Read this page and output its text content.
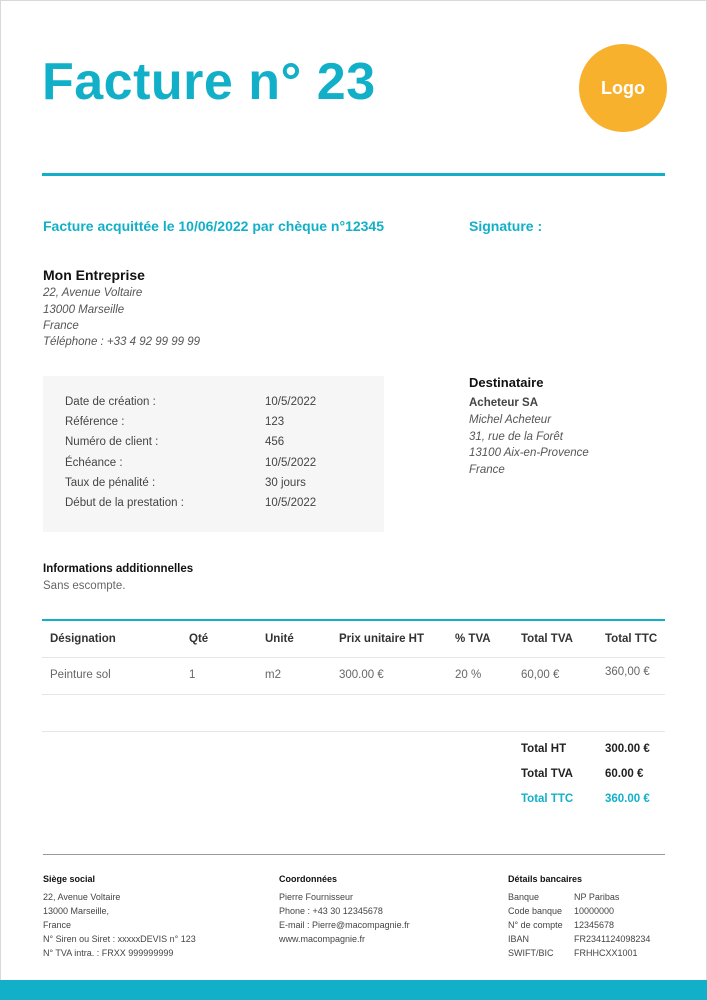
Facture n° 23	Logo
Facture acquittée le 10/06/2022 par chèque n°12345	Signature :
Mon Entreprise
22, Avenue Voltaire
13000 Marseille
France
Téléphone : +33 4 92 99 99 99
Date de création :	10/5/2022
Référence :	123
Numéro de client :	456
Échéance :	10/5/2022
Taux de pénalité :	30 jours
Début de la prestation :	10/5/2022
Destinataire
Acheteur SA
Michel Acheteur
31, rue de la Forêt
13100 Aix-en-Provence
France
Informations additionnelles
Sans escompte.
Désignation	Qté	Unité	Prix unitaire HT	% TVA	Total TVA	Total TTC
Peinture sol	1	m2	300.00 €	20 %	60,00 €	360,00 €
Total HT	300.00 €
Total TVA	60.00 €
Total TTC	360.00 €
Siège social
22, Avenue Voltaire
13000 Marseille,
France
N° Siren ou Siret : xxxxxDEVIS n° 123
N° TVA intra. : FRXX 999999999
Coordonnées
Pierre Fournisseur
Phone : +43 30 12345678
E-mail : Pierre@macompagnie.fr
www.macompagnie.fr
Détails bancaires
Banque	NP Paribas
Code banque 10000000
N° de compte 12345678
IBAN	FR2341124098234
SWIFT/BIC FRHHCXX1001
